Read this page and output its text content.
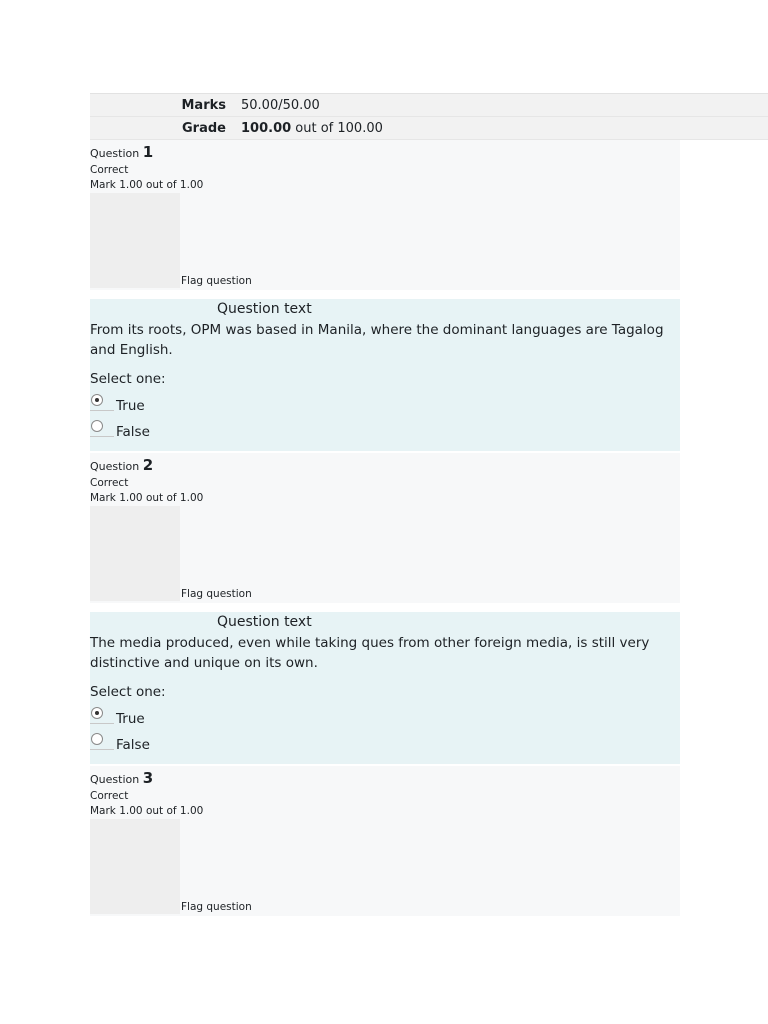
Marks	50.00/50.00
Grade	100.00 out of 100.00
Question 1
Correct
Mark 1.00 out of 1.00
Flag question
Question text
From its roots, OPM was based in Manila, where the dominant languages are Tagalog and English.
Select one:
True
False
Question 2
Correct
Mark 1.00 out of 1.00
Flag question
Question text
The media produced, even while taking ques from other foreign media, is still very distinctive and unique on its own.
Select one:
True
False
Question 3
Correct
Mark 1.00 out of 1.00
Flag question
